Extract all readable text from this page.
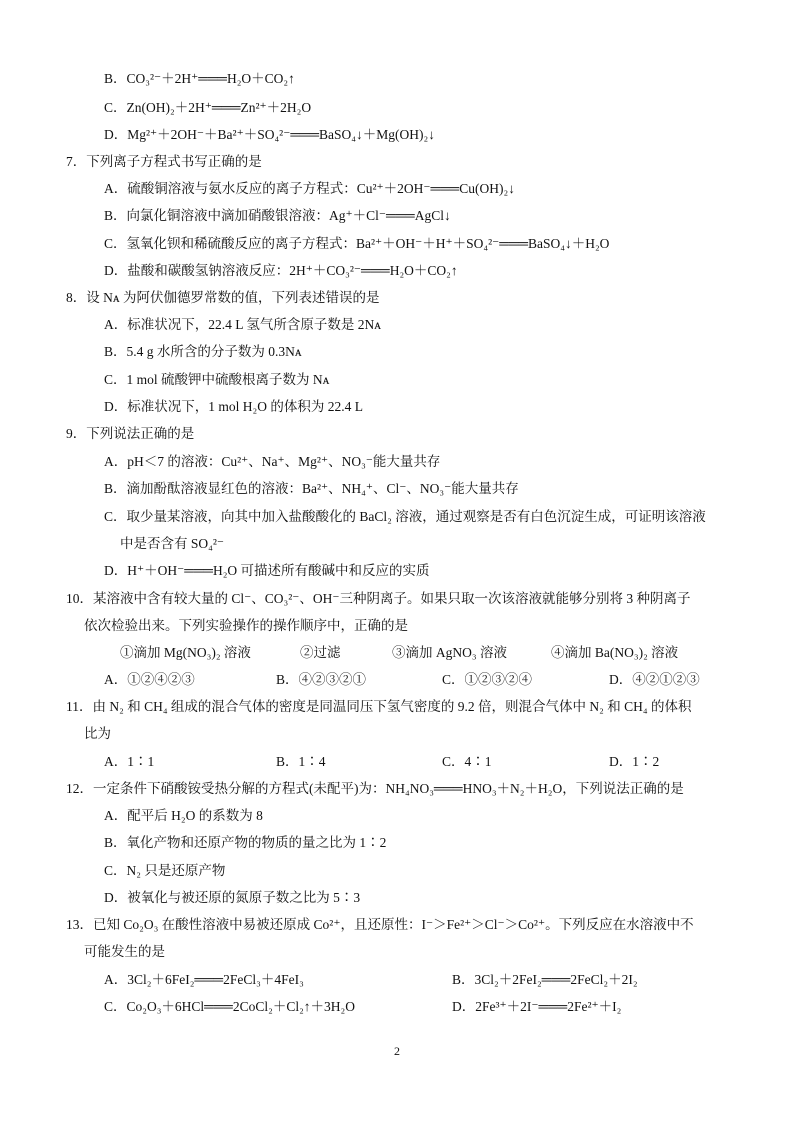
B．CO₃²⁻＋2H⁺═══H₂O＋CO₂↑
C．Zn(OH)₂＋2H⁺═══Zn²⁺＋2H₂O
D．Mg²⁺＋2OH⁻＋Ba²⁺＋SO₄²⁻═══BaSO₄↓＋Mg(OH)₂↓
7．下列离子方程式书写正确的是
A．硫酸铜溶液与氨水反应的离子方程式：Cu²⁺＋2OH⁻═══Cu(OH)₂↓
B．向氯化铜溶液中滴加硝酸银溶液：Ag⁺＋Cl⁻═══AgCl↓
C．氢氧化钡和稀硫酸反应的离子方程式：Ba²⁺＋OH⁻＋H⁺＋SO₄²⁻═══BaSO₄↓＋H₂O
D．盐酸和碳酸氢钠溶液反应：2H⁺＋CO₃²⁻═══H₂O＋CO₂↑
8．设 Nᴀ 为阿伏伽德罗常数的值，下列表述错误的是
A．标准状况下，22.4 L 氢气所含原子数是 2Nᴀ
B．5.4 g 水所含的分子数为 0.3Nᴀ
C．1 mol 硫酸钾中硫酸根离子数为 Nᴀ
D．标准状况下，1 mol H₂O 的体积为 22.4 L
9．下列说法正确的是
A．pH＜7 的溶液：Cu²⁺、Na⁺、Mg²⁺、NO₃⁻能大量共存
B．滴加酚酞溶液显红色的溶液：Ba²⁺、NH₄⁺、Cl⁻、NO₃⁻能大量共存
C．取少量某溶液，向其中加入盐酸酸化的 BaCl₂ 溶液，通过观察是否有白色沉淀生成，可证明该溶液
中是否含有 SO₄²⁻
D．H⁺＋OH⁻═══H₂O 可描述所有酸碱中和反应的实质
10．某溶液中含有较大量的 Cl⁻、CO₃²⁻、OH⁻三种阴离子。如果只取一次该溶液就能够分别将 3 种阴离子
依次检验出来。下列实验操作的操作顺序中，正确的是
①滴加 Mg(NO₃)₂ 溶液	②过滤	③滴加 AgNO₃ 溶液	④滴加 Ba(NO₃)₂ 溶液
A．①②④②③	B．④②③②①	C．①②③②④	D．④②①②③
11．由 N₂ 和 CH₄ 组成的混合气体的密度是同温同压下氢气密度的 9.2 倍，则混合气体中 N₂ 和 CH₄ 的体积
比为
A．1∶1	B．1∶4	C．4∶1	D．1∶2
12．一定条件下硝酸铵受热分解的方程式(未配平)为：NH₄NO₃═══HNO₃＋N₂＋H₂O，下列说法正确的是
A．配平后 H₂O 的系数为 8
B．氧化产物和还原产物的物质的量之比为 1∶2
C．N₂ 只是还原产物
D．被氧化与被还原的氮原子数之比为 5∶3
13．已知 Co₂O₃ 在酸性溶液中易被还原成 Co²⁺，且还原性：I⁻＞Fe²⁺＞Cl⁻＞Co²⁺。下列反应在水溶液中不
可能发生的是
A．3Cl₂＋6FeI₂═══2FeCl₃＋4FeI₃	B．3Cl₂＋2FeI₂═══2FeCl₂＋2I₂
C．Co₂O₃＋6HCl═══2CoCl₂＋Cl₂↑＋3H₂O	D．2Fe³⁺＋2I⁻═══2Fe²⁺＋I₂
2
